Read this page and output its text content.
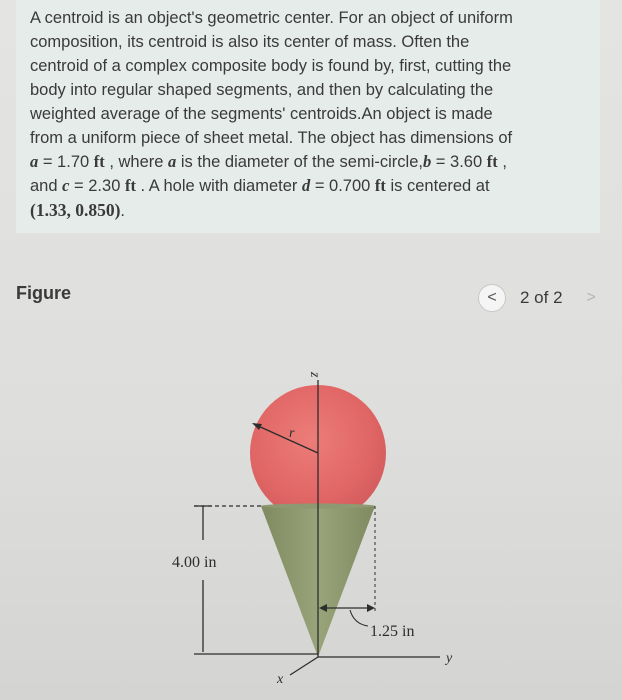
A centroid is an object's geometric center. For an object of uniform
composition, its centroid is also its center of mass. Often the
centroid of a complex composite body is found by, first, cutting the
body into regular shaped segments, and then by calculating the
weighted average of the segments' centroids.An object is made
from a uniform piece of sheet metal. The object has dimensions of
a = 1.70 ft , where a is the diameter of the semi-circle,b = 3.60 ft ,
and c = 2.30 ft . A hole with diameter d = 0.700 ft is centered at
(1.33, 0.850).
Figure	< 2 of 2 >
z
y
x
r
4.00 in
1.25 in
